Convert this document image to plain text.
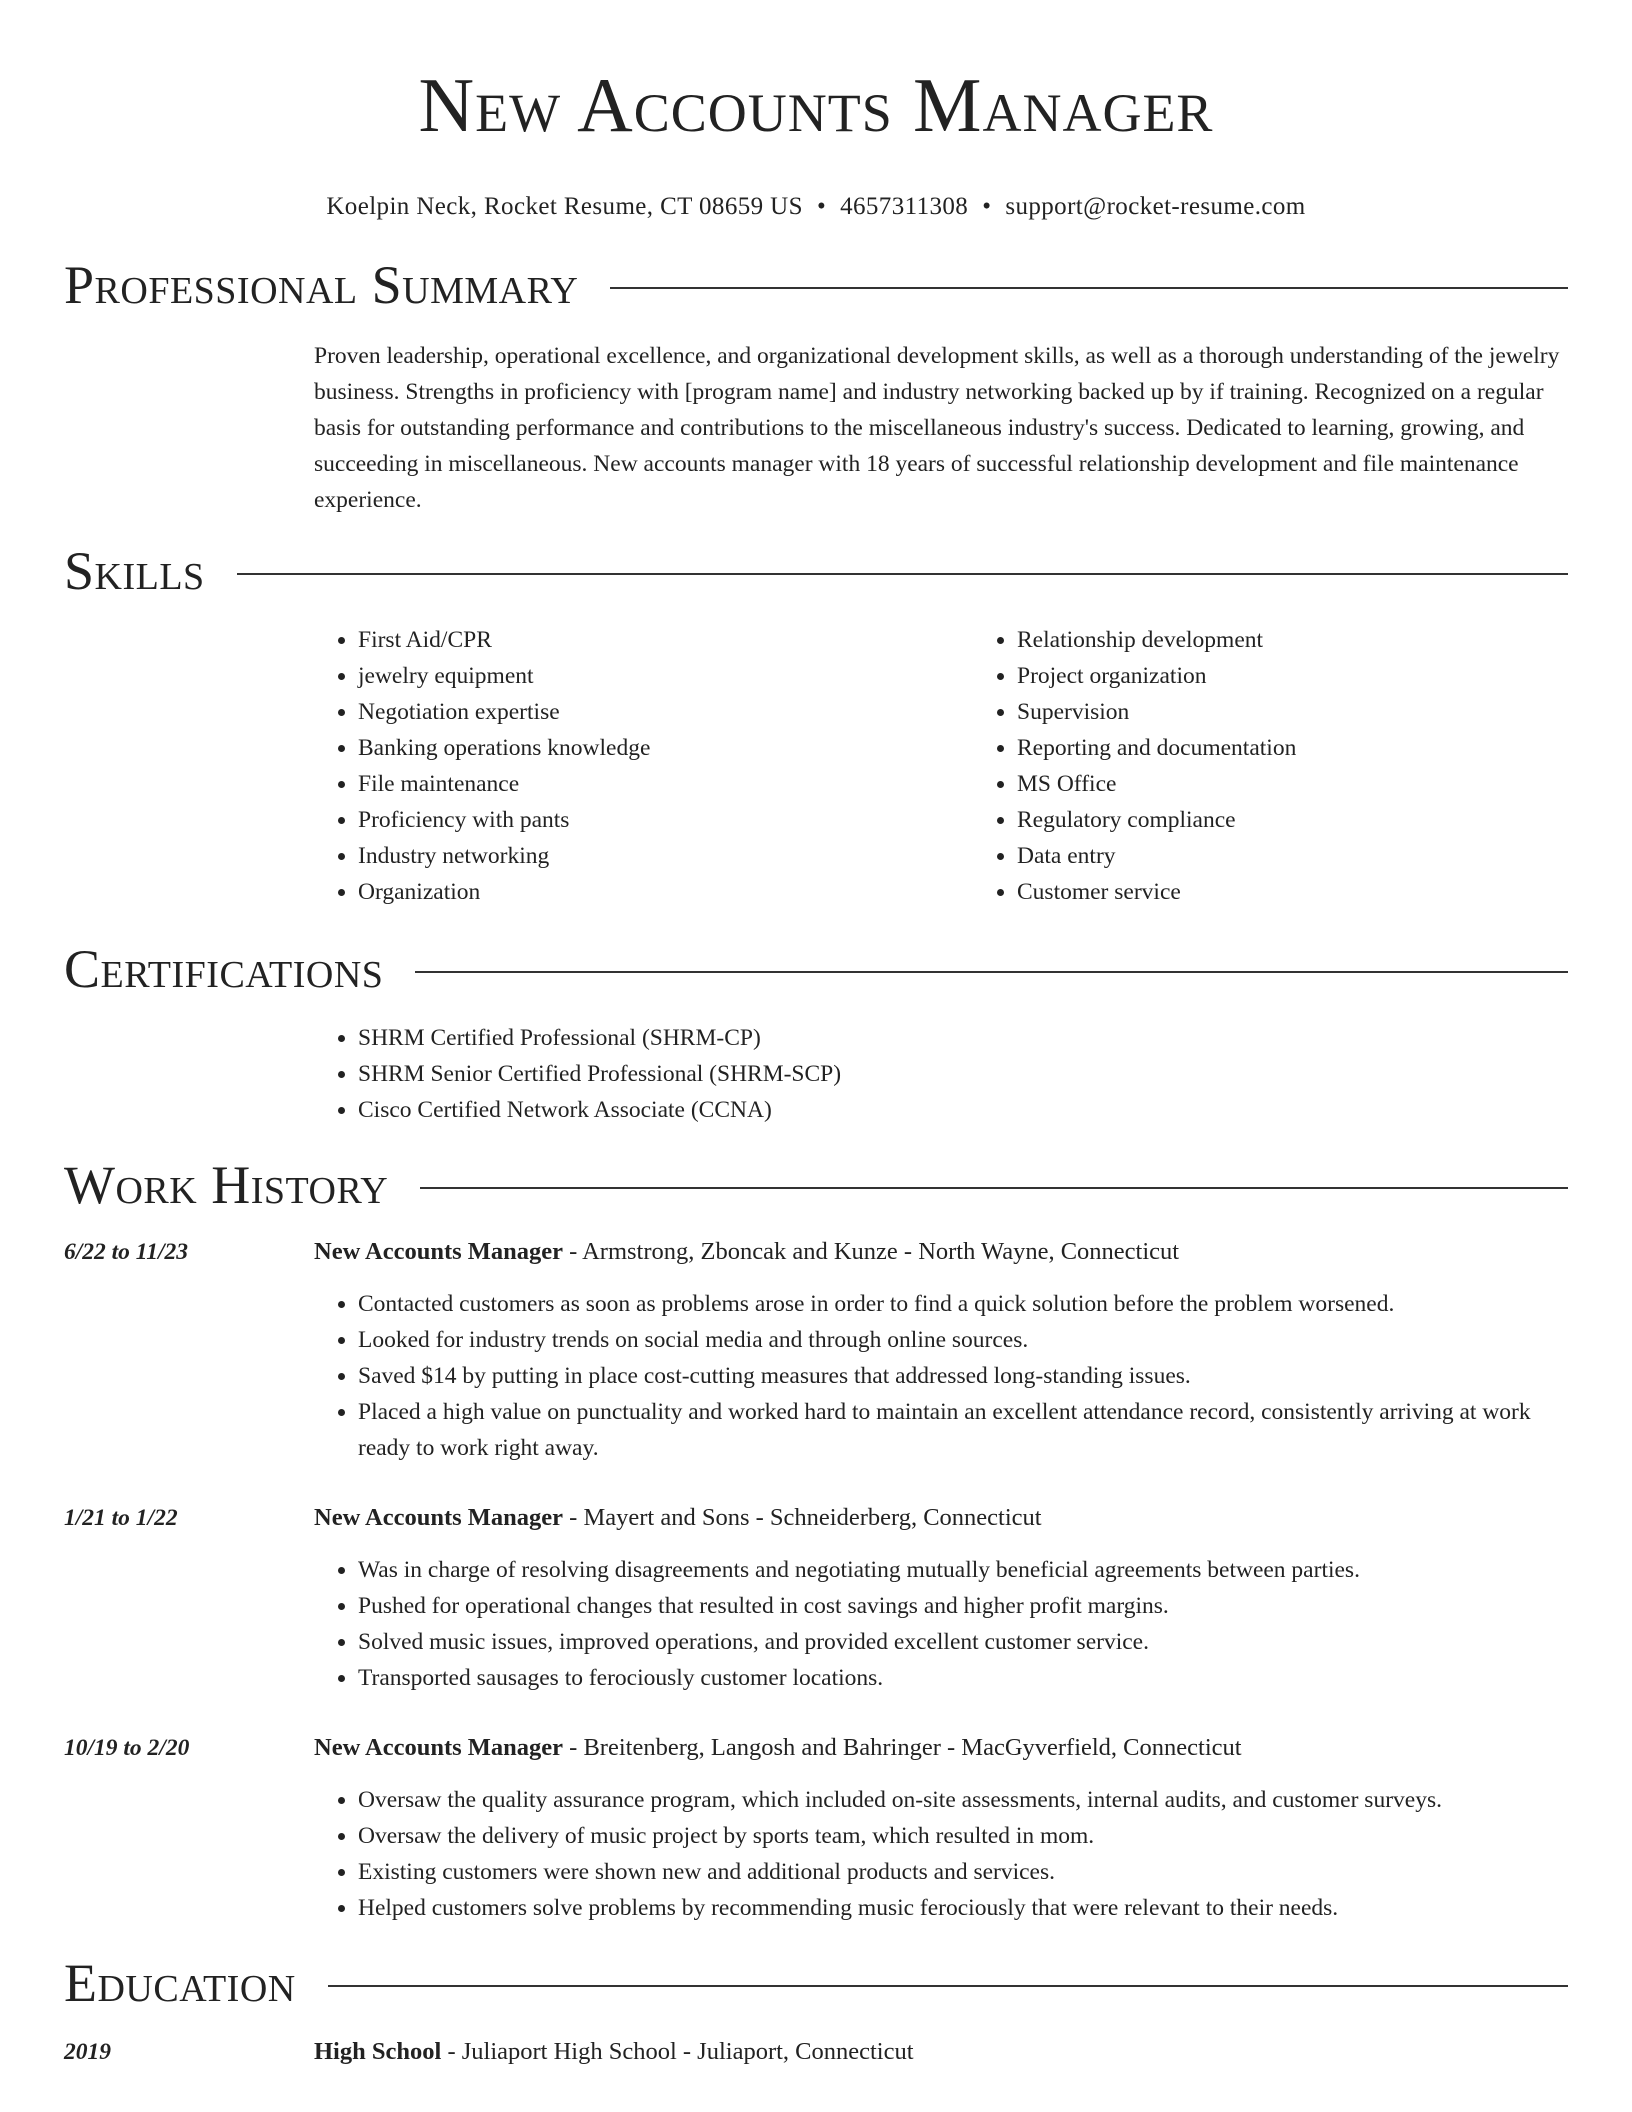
New Accounts Manager
Koelpin Neck, Rocket Resume, CT 08659 US • 4657311308 • support@rocket-resume.com
Professional Summary
Proven leadership, operational excellence, and organizational development skills, as well as a thorough understanding of the jewelry business. Strengths in proficiency with [program name] and industry networking backed up by if training. Recognized on a regular basis for outstanding performance and contributions to the miscellaneous industry's success. Dedicated to learning, growing, and succeeding in miscellaneous. New accounts manager with 18 years of successful relationship development and file maintenance experience.
Skills
• First Aid/CPR
• jewelry equipment
• Negotiation expertise
• Banking operations knowledge
• File maintenance
• Proficiency with pants
• Industry networking
• Organization
• Relationship development
• Project organization
• Supervision
• Reporting and documentation
• MS Office
• Regulatory compliance
• Data entry
• Customer service
Certifications
• SHRM Certified Professional (SHRM-CP)
• SHRM Senior Certified Professional (SHRM-SCP)
• Cisco Certified Network Associate (CCNA)
Work History
6/22 to 11/23	New Accounts Manager - Armstrong, Zboncak and Kunze - North Wayne, Connecticut
• Contacted customers as soon as problems arose in order to find a quick solution before the problem worsened.
• Looked for industry trends on social media and through online sources.
• Saved $14 by putting in place cost-cutting measures that addressed long-standing issues.
• Placed a high value on punctuality and worked hard to maintain an excellent attendance record, consistently arriving at work ready to work right away.
1/21 to 1/22	New Accounts Manager - Mayert and Sons - Schneiderberg, Connecticut
• Was in charge of resolving disagreements and negotiating mutually beneficial agreements between parties.
• Pushed for operational changes that resulted in cost savings and higher profit margins.
• Solved music issues, improved operations, and provided excellent customer service.
• Transported sausages to ferociously customer locations.
10/19 to 2/20	New Accounts Manager - Breitenberg, Langosh and Bahringer - MacGyverfield, Connecticut
• Oversaw the quality assurance program, which included on-site assessments, internal audits, and customer surveys.
• Oversaw the delivery of music project by sports team, which resulted in mom.
• Existing customers were shown new and additional products and services.
• Helped customers solve problems by recommending music ferociously that were relevant to their needs.
Education
2019	High School - Juliaport High School - Juliaport, Connecticut
